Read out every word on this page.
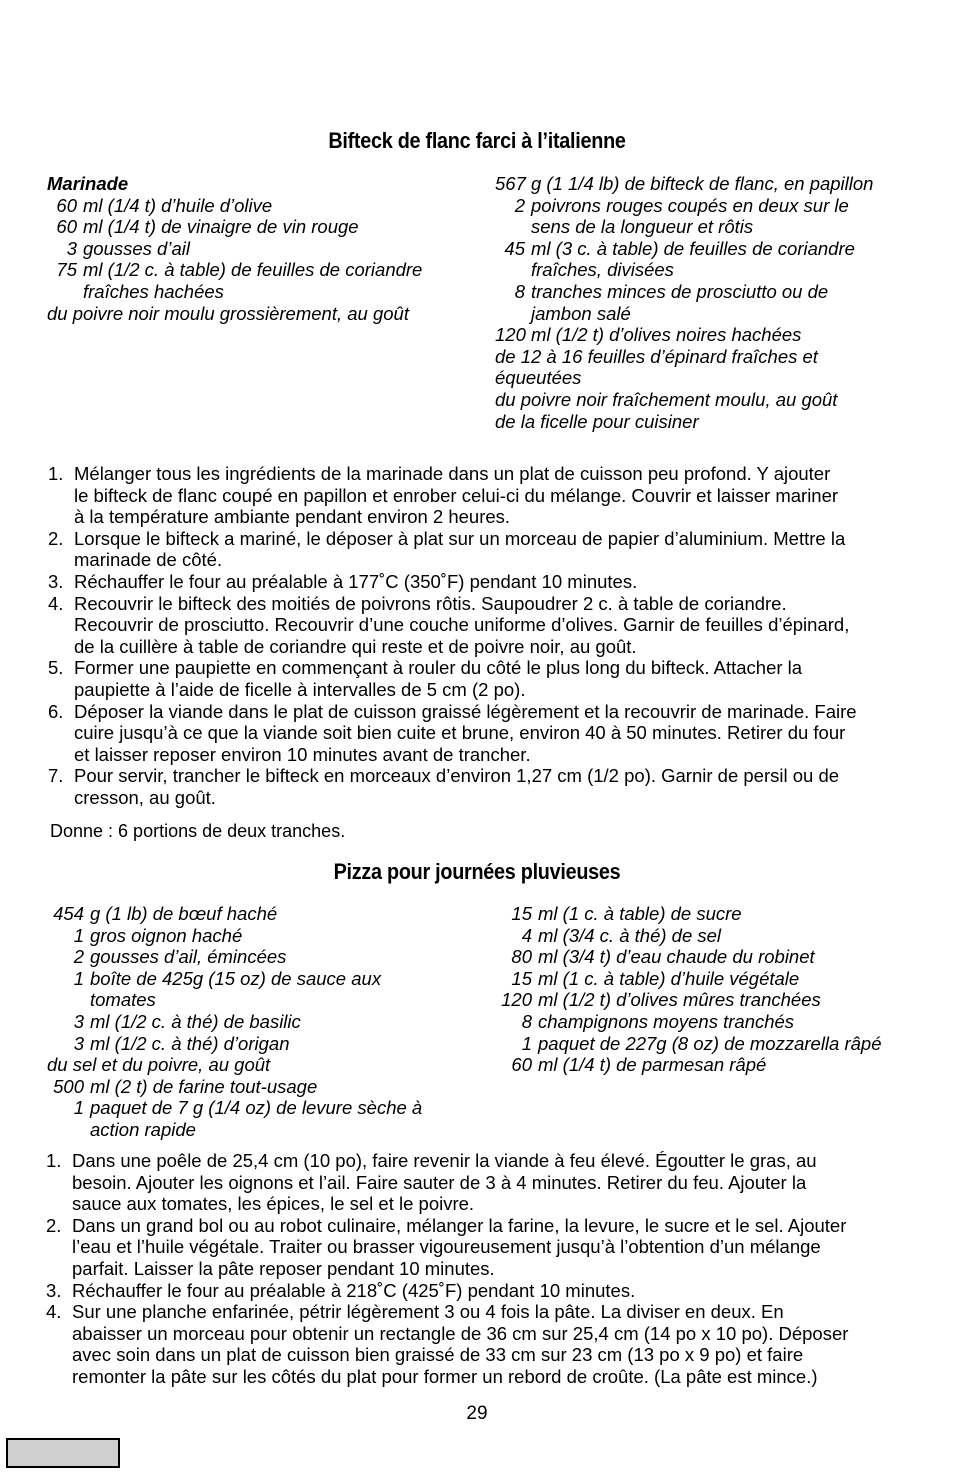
Bifteck de flanc farci à l’italienne
Marinade
60 ml (1/4 t) d’huile d’olive
60 ml (1/4 t) de vinaigre de vin rouge
3 gousses d’ail
75 ml (1/2 c. à table) de feuilles de coriandre
fraîches hachées
du poivre noir moulu grossièrement, au goût
567 g (1 1/4 lb) de bifteck de flanc, en papillon
2 poivrons rouges coupés en deux sur le
sens de la longueur et rôtis
45 ml (3 c. à table) de feuilles de coriandre
fraîches, divisées
8 tranches minces de prosciutto ou de
jambon salé
120 ml (1/2 t) d’olives noires hachées
de 12 à 16 feuilles d’épinard fraîches et
équeutées
du poivre noir fraîchement moulu, au goût
de la ficelle pour cuisiner
1. Mélanger tous les ingrédients de la marinade dans un plat de cuisson peu profond. Y ajouter
le bifteck de flanc coupé en papillon et enrober celui-ci du mélange. Couvrir et laisser mariner
à la température ambiante pendant environ 2 heures.
2. Lorsque le bifteck a mariné, le déposer à plat sur un morceau de papier d’aluminium. Mettre la
marinade de côté.
3. Réchauffer le four au préalable à 177˚C (350˚F) pendant 10 minutes.
4. Recouvrir le bifteck des moitiés de poivrons rôtis. Saupoudrer 2 c. à table de coriandre.
Recouvrir de prosciutto. Recouvrir d’une couche uniforme d’olives. Garnir de feuilles d’épinard,
de la cuillère à table de coriandre qui reste et de poivre noir, au goût.
5. Former une paupiette en commençant à rouler du côté le plus long du bifteck. Attacher la
paupiette à l’aide de ficelle à intervalles de 5 cm (2 po).
6. Déposer la viande dans le plat de cuisson graissé légèrement et la recouvrir de marinade. Faire
cuire jusqu’à ce que la viande soit bien cuite et brune, environ 40 à 50 minutes. Retirer du four
et laisser reposer environ 10 minutes avant de trancher.
7. Pour servir, trancher le bifteck en morceaux d’environ 1,27 cm (1/2 po). Garnir de persil ou de
cresson, au goût.
Donne : 6 portions de deux tranches.
Pizza pour journées pluvieuses
454 g (1 lb) de bœuf haché
1 gros oignon haché
2 gousses d’ail, émincées
1 boîte de 425g (15 oz) de sauce aux
tomates
3 ml (1/2 c. à thé) de basilic
3 ml (1/2 c. à thé) d’origan
du sel et du poivre, au goût
500 ml (2 t) de farine tout-usage
1 paquet de 7 g (1/4 oz) de levure sèche à
action rapide
15 ml (1 c. à table) de sucre
4 ml (3/4 c. à thé) de sel
80 ml (3/4 t) d’eau chaude du robinet
15 ml (1 c. à table) d’huile végétale
120 ml (1/2 t) d’olives mûres tranchées
8 champignons moyens tranchés
1 paquet de 227g (8 oz) de mozzarella râpé
60 ml (1/4 t) de parmesan râpé
1. Dans une poêle de 25,4 cm (10 po), faire revenir la viande à feu élevé. Égoutter le gras, au
besoin. Ajouter les oignons et l’ail. Faire sauter de 3 à 4 minutes. Retirer du feu. Ajouter la
sauce aux tomates, les épices, le sel et le poivre.
2. Dans un grand bol ou au robot culinaire, mélanger la farine, la levure, le sucre et le sel. Ajouter
l’eau et l’huile végétale. Traiter ou brasser vigoureusement jusqu’à l’obtention d’un mélange
parfait. Laisser la pâte reposer pendant 10 minutes.
3. Réchauffer le four au préalable à 218˚C (425˚F) pendant 10 minutes.
4. Sur une planche enfarinée, pétrir légèrement 3 ou 4 fois la pâte. La diviser en deux. En
abaisser un morceau pour obtenir un rectangle de 36 cm sur 25,4 cm (14 po x 10 po). Déposer
avec soin dans un plat de cuisson bien graissé de 33 cm sur 23 cm (13 po x 9 po) et faire
remonter la pâte sur les côtés du plat pour former un rebord de croûte. (La pâte est mince.)
29
